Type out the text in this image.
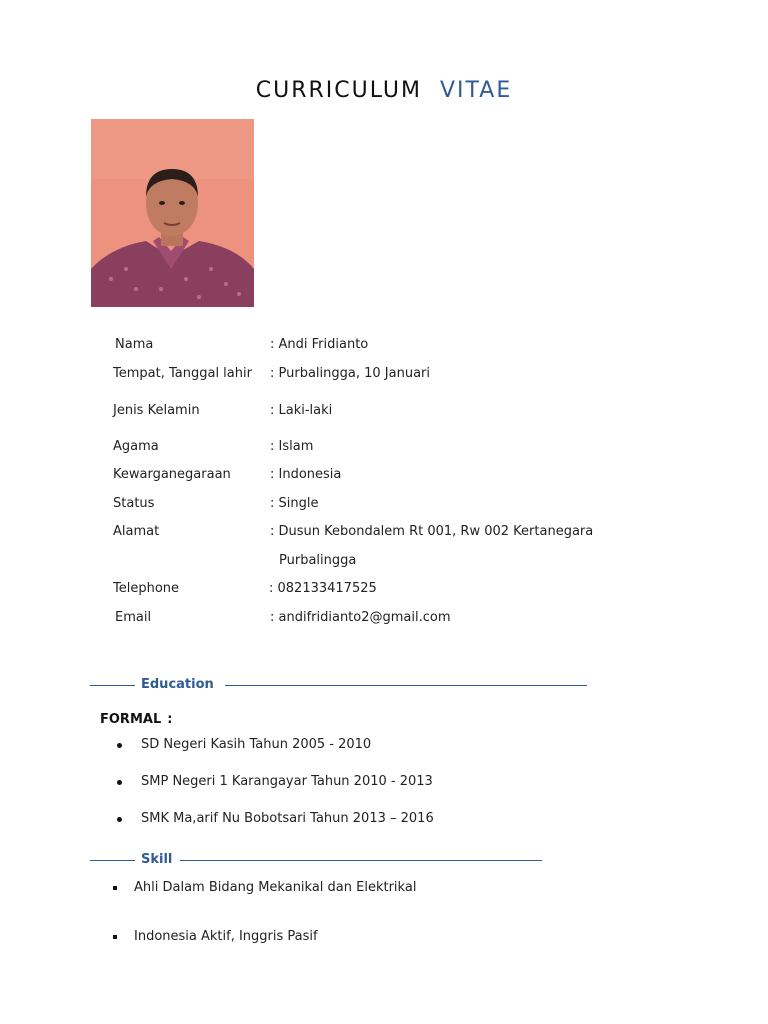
CURRICULUM VITAE
Nama	: Andi Fridianto
Tempat, Tanggal lahir : Purbalingga, 10 Januari
Jenis Kelamin	: Laki-laki
Agama	: Islam
Kewarganegaraan	: Indonesia
Status	: Single
Alamat	: Dusun Kebondalem Rt 001, Rw 002 Kertanegara
Purbalingga
Telephone	: 082133417525
Email	: andifridianto2@gmail.com
Education
FORMAL :
SD Negeri Kasih Tahun 2005 - 2010
SMP Negeri 1 Karangayar Tahun 2010 - 2013
SMK Ma,arif Nu Bobotsari Tahun 2013 – 2016
Skill
Ahli Dalam Bidang Mekanikal dan Elektrikal
Indonesia Aktif, Inggris Pasif
